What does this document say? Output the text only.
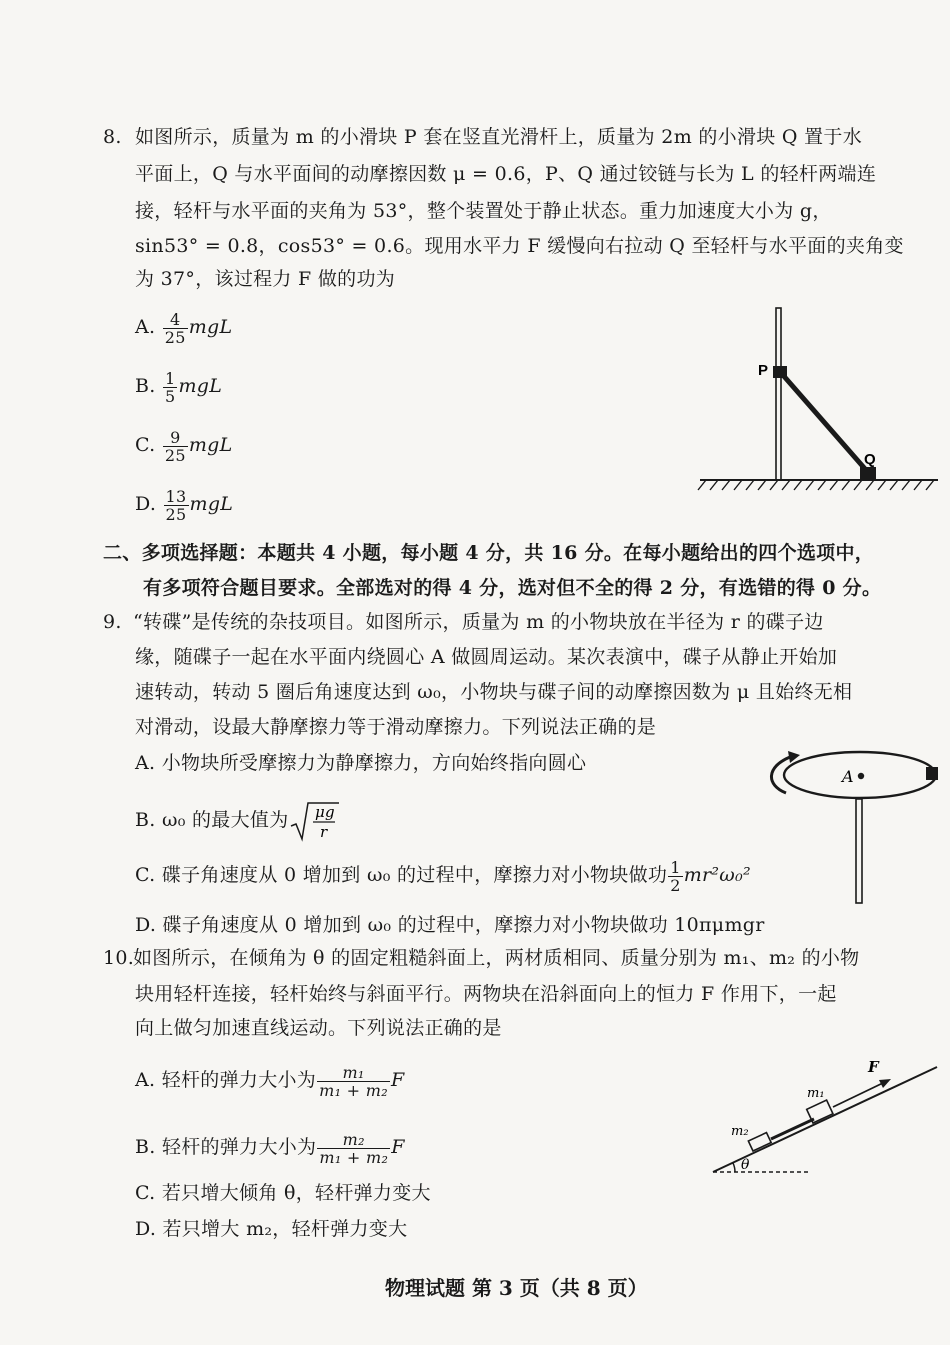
8. 如图所示，质量为 m 的小滑块 P 套在竖直光滑杆上，质量为 2m 的小滑块 Q 置于水
平面上，Q 与水平面间的动摩擦因数 μ = 0.6，P、Q 通过铰链与长为 L 的轻杆两端连
接，轻杆与水平面的夹角为 53°，整个装置处于静止状态。重力加速度大小为 g，
sin53° = 0.8，cos53° = 0.6。现用水平力 F 缓慢向右拉动 Q 至轻杆与水平面的夹角变
为 37°，该过程力 F 做的功为
A. $\frac{4}{25}$ mgL
B. $\frac{1}{5}$ mgL
C. $\frac{9}{25}$ mgL
D. $\frac{13}{25}$ mgL
P
Q
二、多项选择题：本题共 4 小题，每小题 4 分，共 16 分。在每小题给出的四个选项中，
有多项符合题目要求。全部选对的得 4 分，选对但不全的得 2 分，有选错的得 0 分。
9. “转碟”是传统的杂技项目。如图所示，质量为 m 的小物块放在半径为 r 的碟子边
缘，随碟子一起在水平面内绕圆心 A 做圆周运动。某次表演中，碟子从静止开始加
速转动，转动 5 圈后角速度达到 ω₀，小物块与碟子间的动摩擦因数为 μ 且始终无相
对滑动，设最大静摩擦力等于滑动摩擦力。下列说法正确的是
A. 小物块所受摩擦力为静摩擦力，方向始终指向圆心
B. ω₀ 的最大值为 μg
r
C. 碟子角速度从 0 增加到 ω₀ 的过程中，摩擦力对小物块做功 $\frac{1}{2} mr^2\omega_0^2$
D. 碟子角速度从 0 增加到 ω₀ 的过程中，摩擦力对小物块做功 10πμmgr
A
10.
如图所示，在倾角为 θ 的固定粗糙斜面上，两材质相同、质量分别为 m₁、m₂ 的小物
块用轻杆连接，轻杆始终与斜面平行。两物块在沿斜面向上的恒力 F 作用下，一起
向上做匀加速直线运动。下列说法正确的是
A. 轻杆的弹力大小为 $\frac{\text{m₁}}{\text{m₁ + m₂}}$ F
B. 轻杆的弹力大小为 $\frac{\text{m₂}}{\text{m₁ + m₂}}$ F
C. 若只增大倾角 θ，轻杆弹力变大
D. 若只增大 m₂，轻杆弹力变大
θ
F
m₁
m₂
物理试题 第 3 页（共 8 页）
